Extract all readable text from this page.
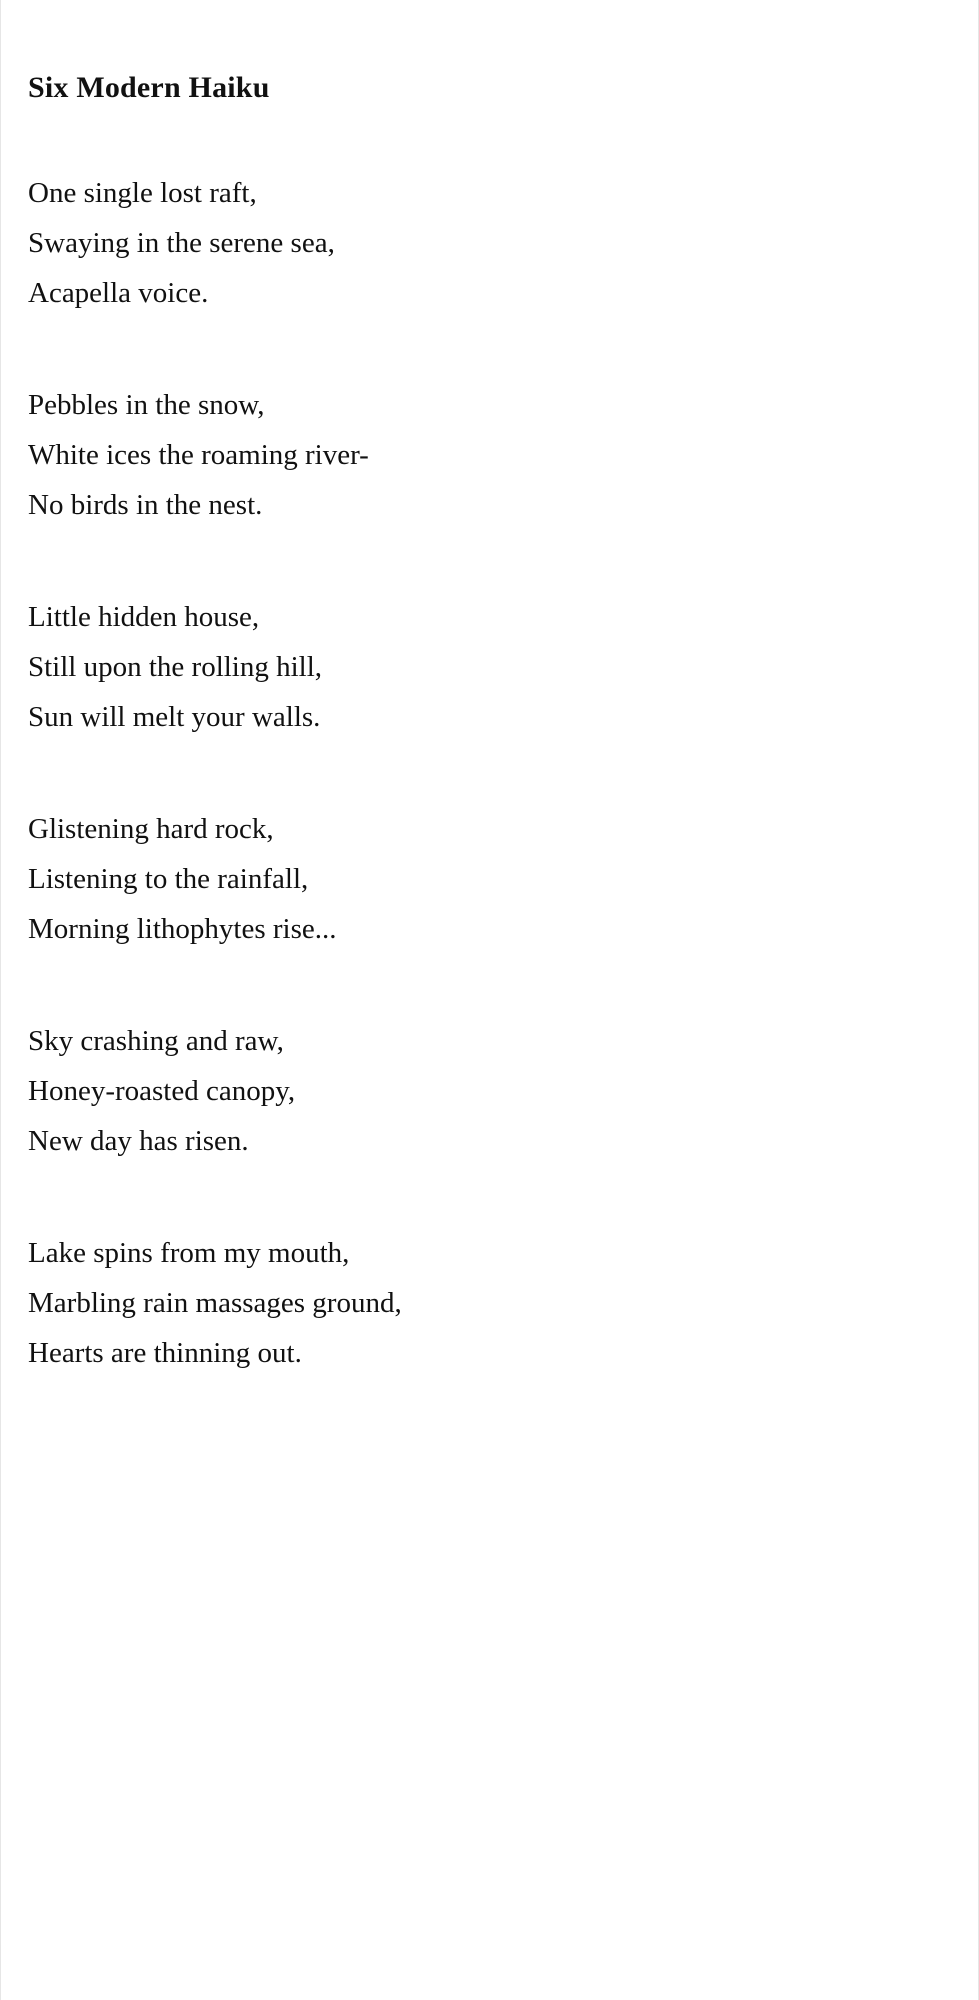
Six Modern Haiku
One single lost raft,
Swaying in the serene sea,
Acapella voice.
Pebbles in the snow,
White ices the roaming river-
No birds in the nest.
Little hidden house,
Still upon the rolling hill,
Sun will melt your walls.
Glistening hard rock,
Listening to the rainfall,
Morning lithophytes rise...
Sky crashing and raw,
Honey-roasted canopy,
New day has risen.
Lake spins from my mouth,
Marbling rain massages ground,
Hearts are thinning out.
